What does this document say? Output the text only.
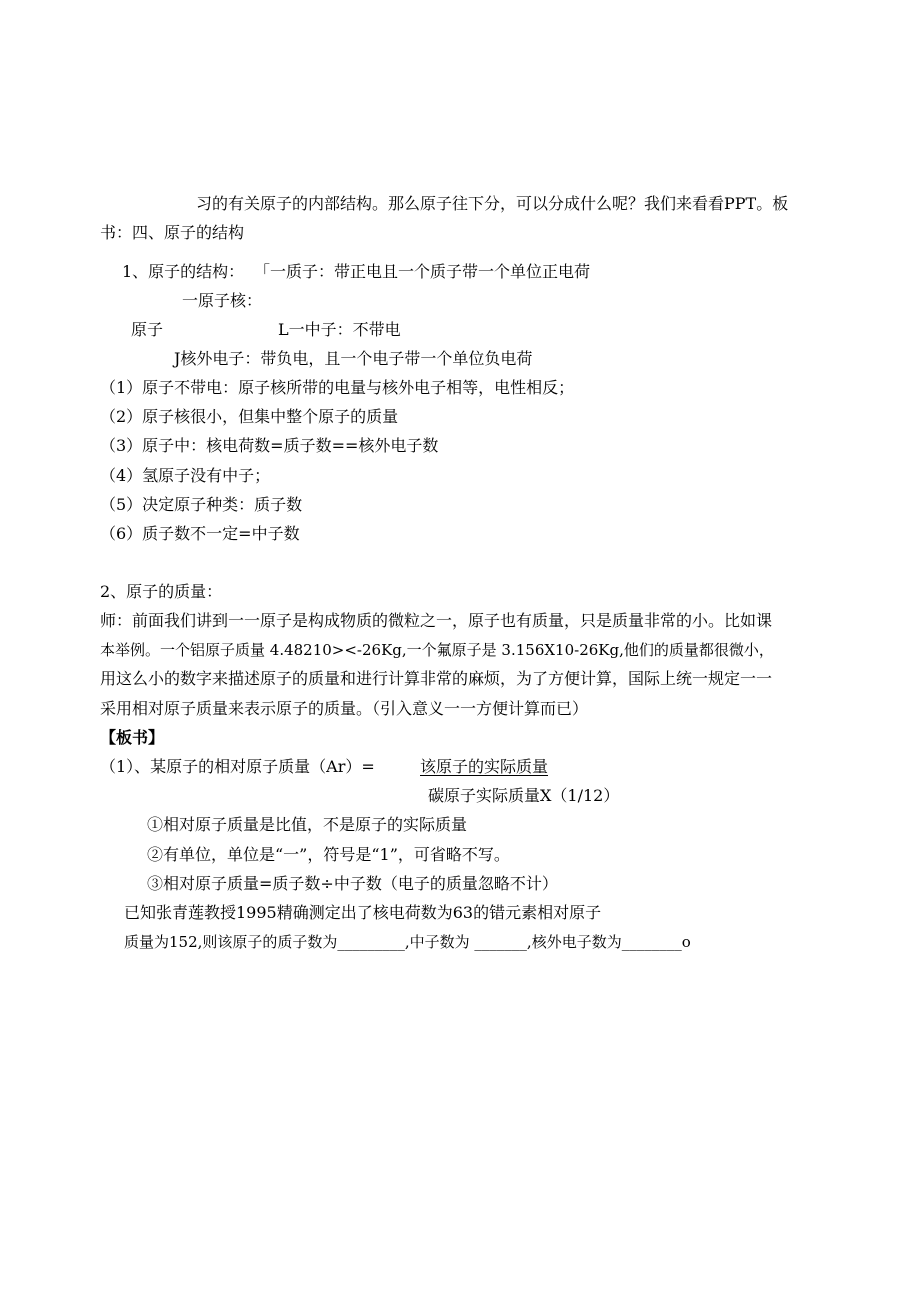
习的有关原子的内部结构。那么原子往下分，可以分成什么呢？我们来看看PPT。板
书：四、原子的结构
1、原子的结构： 「一质子：带正电且一个质子带一个单位正电荷
一原子核：
原子	L一中子：不带电
J核外电子：带负电，且一个电子带一个单位负电荷
（1）原子不带电：原子核所带的电量与核外电子相等，电性相反；
（2）原子核很小，但集中整个原子的质量
（3）原子中：核电荷数=质子数==核外电子数
（4）氢原子没有中子；
（5）决定原子种类：质子数
（6）质子数不一定=中子数
2、原子的质量：
师：前面我们讲到一一原子是构成物质的微粒之一，原子也有质量，只是质量非常的小。比如课
本举例。一个铝原子质量 4.48210><-26Kg,一个氟原子是 3.156X10-26Kg,他们的质量都很微小，
用这么小的数字来描述原子的质量和进行计算非常的麻烦，为了方便计算，国际上统一规定一一
采用相对原子质量来表示原子的质量。（引入意义一一方便计算而已）
【板书】
（1）、某原子的相对原子质量（Ar）=	该原子的实际质量
碳原子实际质量X（1/12）
①相对原子质量是比值，不是原子的实际质量
②有单位，单位是“一”，符号是“1”，可省略不写。
③相对原子质量=质子数÷中子数（电子的质量忽略不计）
已知张青莲教授1995精确测定出了核电荷数为63的错元素相对原子
质量为152,则该原子的质子数为_________,中子数为 _______,核外电子数为________o
